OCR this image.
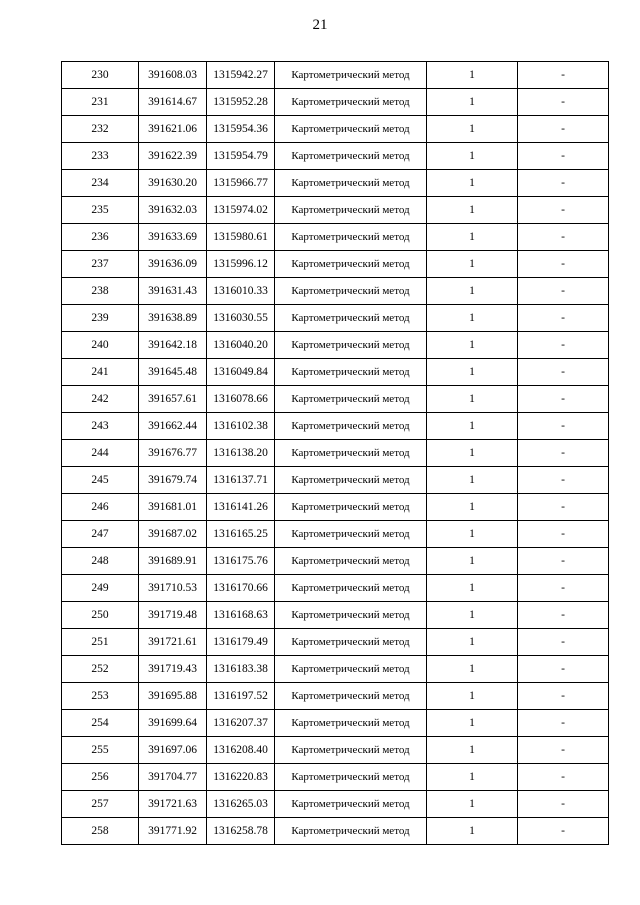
21
230	391608.03	1315942.27	Картометрический метод	1	-
231	391614.67	1315952.28	Картометрический метод	1	-
232	391621.06	1315954.36	Картометрический метод	1	-
233	391622.39	1315954.79	Картометрический метод	1	-
234	391630.20	1315966.77	Картометрический метод	1	-
235	391632.03	1315974.02	Картометрический метод	1	-
236	391633.69	1315980.61	Картометрический метод	1	-
237	391636.09	1315996.12	Картометрический метод	1	-
238	391631.43	1316010.33	Картометрический метод	1	-
239	391638.89	1316030.55	Картометрический метод	1	-
240	391642.18	1316040.20	Картометрический метод	1	-
241	391645.48	1316049.84	Картометрический метод	1	-
242	391657.61	1316078.66	Картометрический метод	1	-
243	391662.44	1316102.38	Картометрический метод	1	-
244	391676.77	1316138.20	Картометрический метод	1	-
245	391679.74	1316137.71	Картометрический метод	1	-
246	391681.01	1316141.26	Картометрический метод	1	-
247	391687.02	1316165.25	Картометрический метод	1	-
248	391689.91	1316175.76	Картометрический метод	1	-
249	391710.53	1316170.66	Картометрический метод	1	-
250	391719.48	1316168.63	Картометрический метод	1	-
251	391721.61	1316179.49	Картометрический метод	1	-
252	391719.43	1316183.38	Картометрический метод	1	-
253	391695.88	1316197.52	Картометрический метод	1	-
254	391699.64	1316207.37	Картометрический метод	1	-
255	391697.06	1316208.40	Картометрический метод	1	-
256	391704.77	1316220.83	Картометрический метод	1	-
257	391721.63	1316265.03	Картометрический метод	1	-
258	391771.92	1316258.78	Картометрический метод	1	-
